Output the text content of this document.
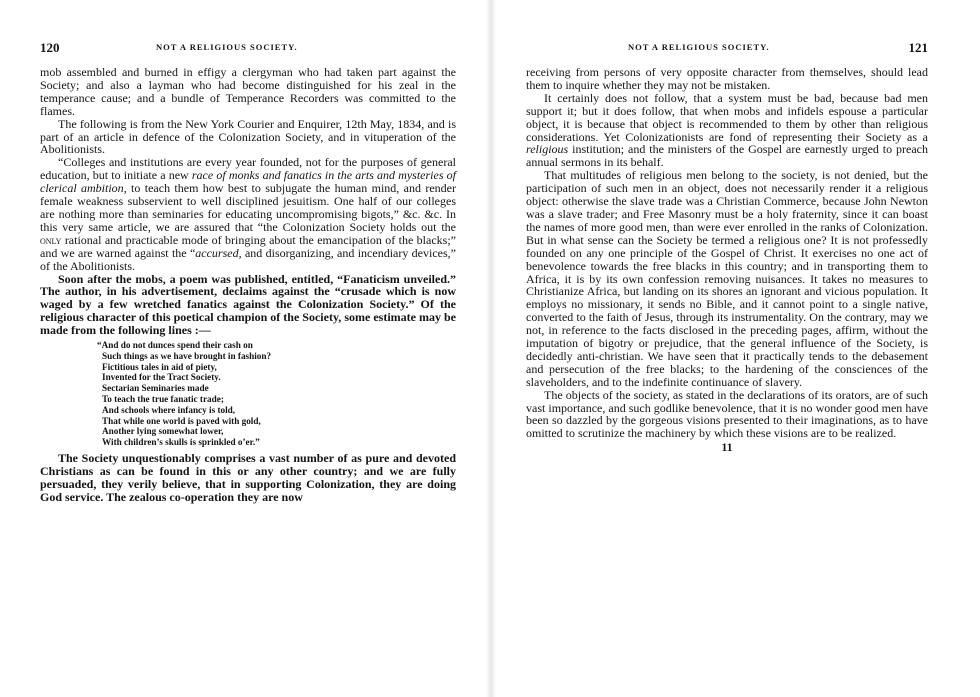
120	NOT A RELIGIOUS SOCIETY.

mob assembled and burned in effigy a clergyman who had taken part against the Society; and also a layman who had become distinguished for his zeal in the temperance cause; and a bundle of Temperance Recorders was committed to the flames.

The following is from the New York Courier and Enquirer, 12th May, 1834, and is part of an article in defence of the Colonization Society, and in vituperation of the Abolitionists.

“Colleges and institutions are every year founded, not for the purposes of general education, but to initiate a new race of monks and fanatics in the arts and mysteries of clerical ambition, to teach them how best to subjugate the human mind, and render female weakness subservient to well disciplined jesuitism. One half of our colleges are nothing more than seminaries for educating uncompromising bigots,” &c. &c. In this very same article, we are assured that “the Colonization Society holds out the only rational and practicable mode of bringing about the emancipation of the blacks;” and we are warned against the “accursed, and disorganizing, and incendiary devices,” of the Abolitionists.

Soon after the mobs, a poem was published, entitled, “Fanaticism unveiled.” The author, in his advertisement, declaims against the “crusade which is now waged by a few wretched fanatics against the Colonization Society.” Of the religious character of this poetical champion of the Society, some estimate may be made from the following lines :—

“And do not dunces spend their cash on
Such things as we have brought in fashion?
Fictitious tales in aid of piety,
Invented for the Tract Society.
Sectarian Seminaries made
To teach the true fanatic trade;
And schools where infancy is told,
That while one world is paved with gold,
Another lying somewhat lower,
With children’s skulls is sprinkled o’er.”

The Society unquestionably comprises a vast number of as pure and devoted Christians as can be found in this or any other country; and we are fully persuaded, they verily believe, that in supporting Colonization, they are doing God service. The zealous co-operation they are now

NOT A RELIGIOUS SOCIETY.	121

receiving from persons of very opposite character from themselves, should lead them to inquire whether they may not be mistaken.

It certainly does not follow, that a system must be bad, because bad men support it; but it does follow, that when mobs and infidels espouse a particular object, it is because that object is recommended to them by other than religious considerations. Yet Colonizationists are fond of representing their Society as a religious institution; and the ministers of the Gospel are earnestly urged to preach annual sermons in its behalf.

That multitudes of religious men belong to the society, is not denied, but the participation of such men in an object, does not necessarily render it a religious object: otherwise the slave trade was a Christian Commerce, because John Newton was a slave trader; and Free Masonry must be a holy fraternity, since it can boast the names of more good men, than were ever enrolled in the ranks of Colonization. But in what sense can the Society be termed a religious one? It is not professedly founded on any one principle of the Gospel of Christ. It exercises no one act of benevolence towards the free blacks in this country; and in transporting them to Africa, it is by its own confession removing nuisances. It takes no measures to Christianize Africa, but landing on its shores an ignorant and vicious population. It employs no missionary, it sends no Bible, and it cannot point to a single native, converted to the faith of Jesus, through its instrumentality. On the contrary, may we not, in reference to the facts disclosed in the preceding pages, affirm, without the imputation of bigotry or prejudice, that the general influence of the Society, is decidedly anti-christian. We have seen that it practically tends to the debasement and persecution of the free blacks; to the hardening of the consciences of the slaveholders, and to the indefinite continuance of slavery.

The objects of the society, as stated in the declarations of its orators, are of such vast importance, and such godlike benevolence, that it is no wonder good men have been so dazzled by the gorgeous visions presented to their imaginations, as to have omitted to scrutinize the machinery by which these visions are to be realized.

11
